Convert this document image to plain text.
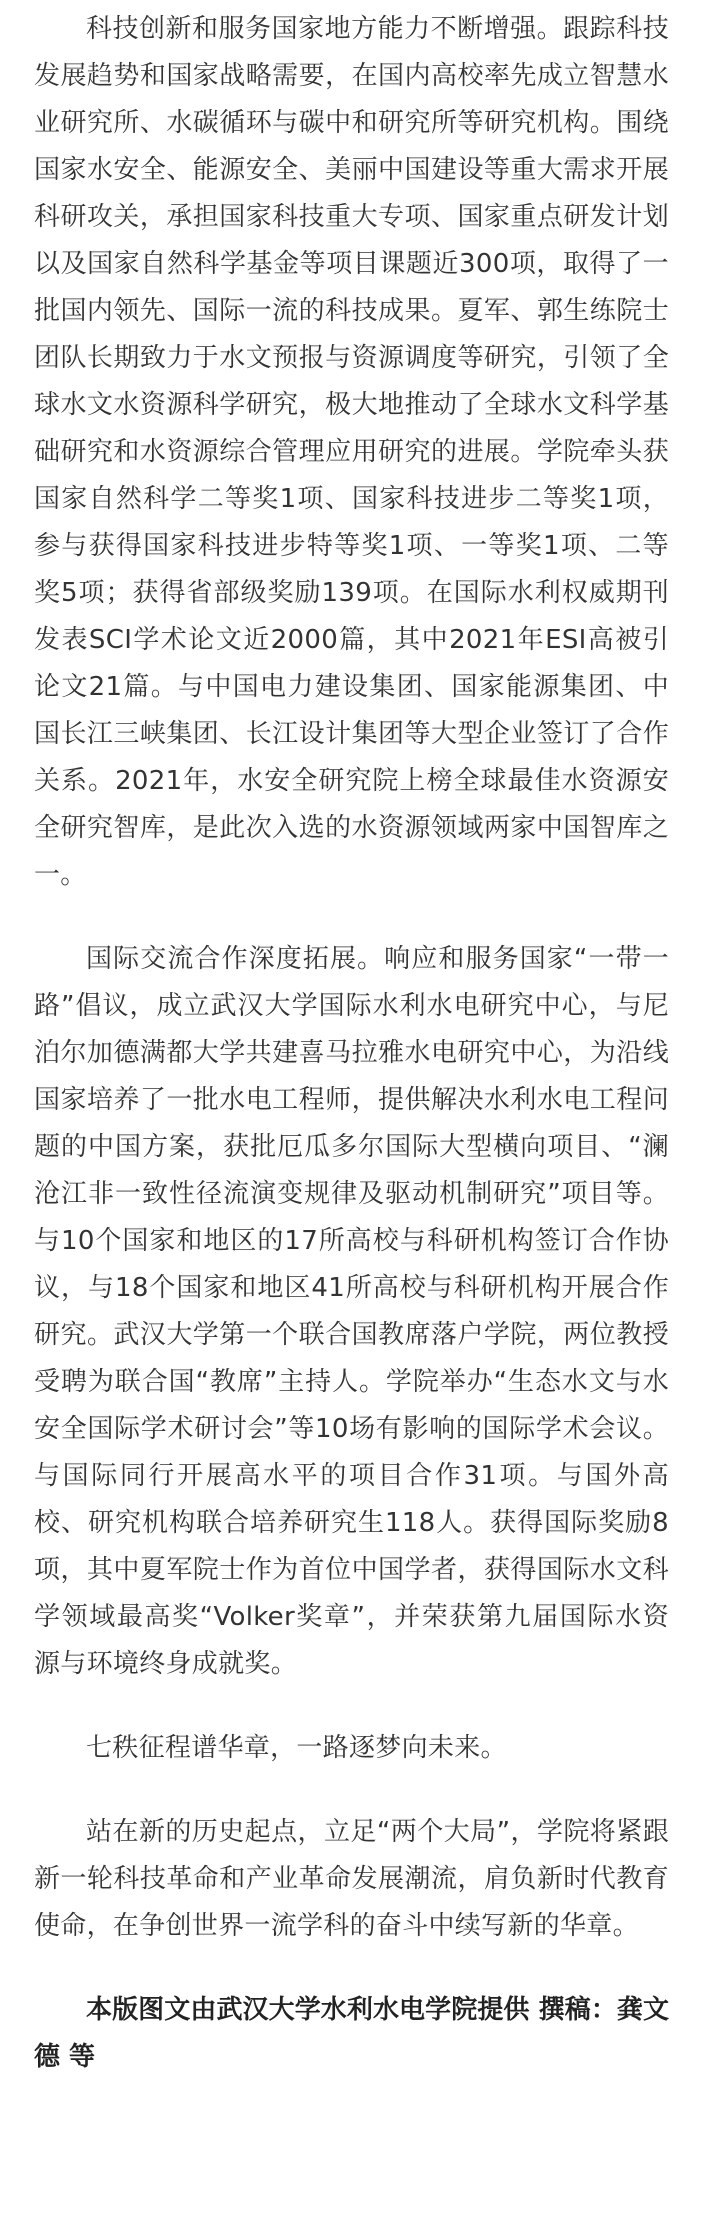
科技创新和服务国家地方能力不断增强。跟踪科技发展趋势和国家战略需要，在国内高校率先成立智慧水业研究所、水碳循环与碳中和研究所等研究机构。围绕国家水安全、能源安全、美丽中国建设等重大需求开展科研攻关，承担国家科技重大专项、国家重点研发计划以及国家自然科学基金等项目课题近300项，取得了一批国内领先、国际一流的科技成果。夏军、郭生练院士团队长期致力于水文预报与资源调度等研究，引领了全球水文水资源科学研究，极大地推动了全球水文科学基础研究和水资源综合管理应用研究的进展。学院牵头获国家自然科学二等奖1项、国家科技进步二等奖1项，参与获得国家科技进步特等奖1项、一等奖1项、二等奖5项；获得省部级奖励139项。在国际水利权威期刊发表SCI学术论文近2000篇，其中2021年ESI高被引论文21篇。与中国电力建设集团、国家能源集团、中国长江三峡集团、长江设计集团等大型企业签订了合作关系。2021年，水安全研究院上榜全球最佳水资源安全研究智库，是此次入选的水资源领域两家中国智库之一。

国际交流合作深度拓展。响应和服务国家“一带一路”倡议，成立武汉大学国际水利水电研究中心，与尼泊尔加德满都大学共建喜马拉雅水电研究中心，为沿线国家培养了一批水电工程师，提供解决水利水电工程问题的中国方案，获批厄瓜多尔国际大型横向项目、“澜沧江非一致性径流演变规律及驱动机制研究”项目等。与10个国家和地区的17所高校与科研机构签订合作协议，与18个国家和地区41所高校与科研机构开展合作研究。武汉大学第一个联合国教席落户学院，两位教授受聘为联合国“教席”主持人。学院举办“生态水文与水安全国际学术研讨会”等10场有影响的国际学术会议。与国际同行开展高水平的项目合作31项。与国外高校、研究机构联合培养研究生118人。获得国际奖励8项，其中夏军院士作为首位中国学者，获得国际水文科学领域最高奖“Volker奖章”，并荣获第九届国际水资源与环境终身成就奖。

七秩征程谱华章，一路逐梦向未来。

站在新的历史起点，立足“两个大局”，学院将紧跟新一轮科技革命和产业革命发展潮流，肩负新时代教育使命，在争创世界一流学科的奋斗中续写新的华章。

本版图文由武汉大学水利水电学院提供 撰稿：龚文德 等
